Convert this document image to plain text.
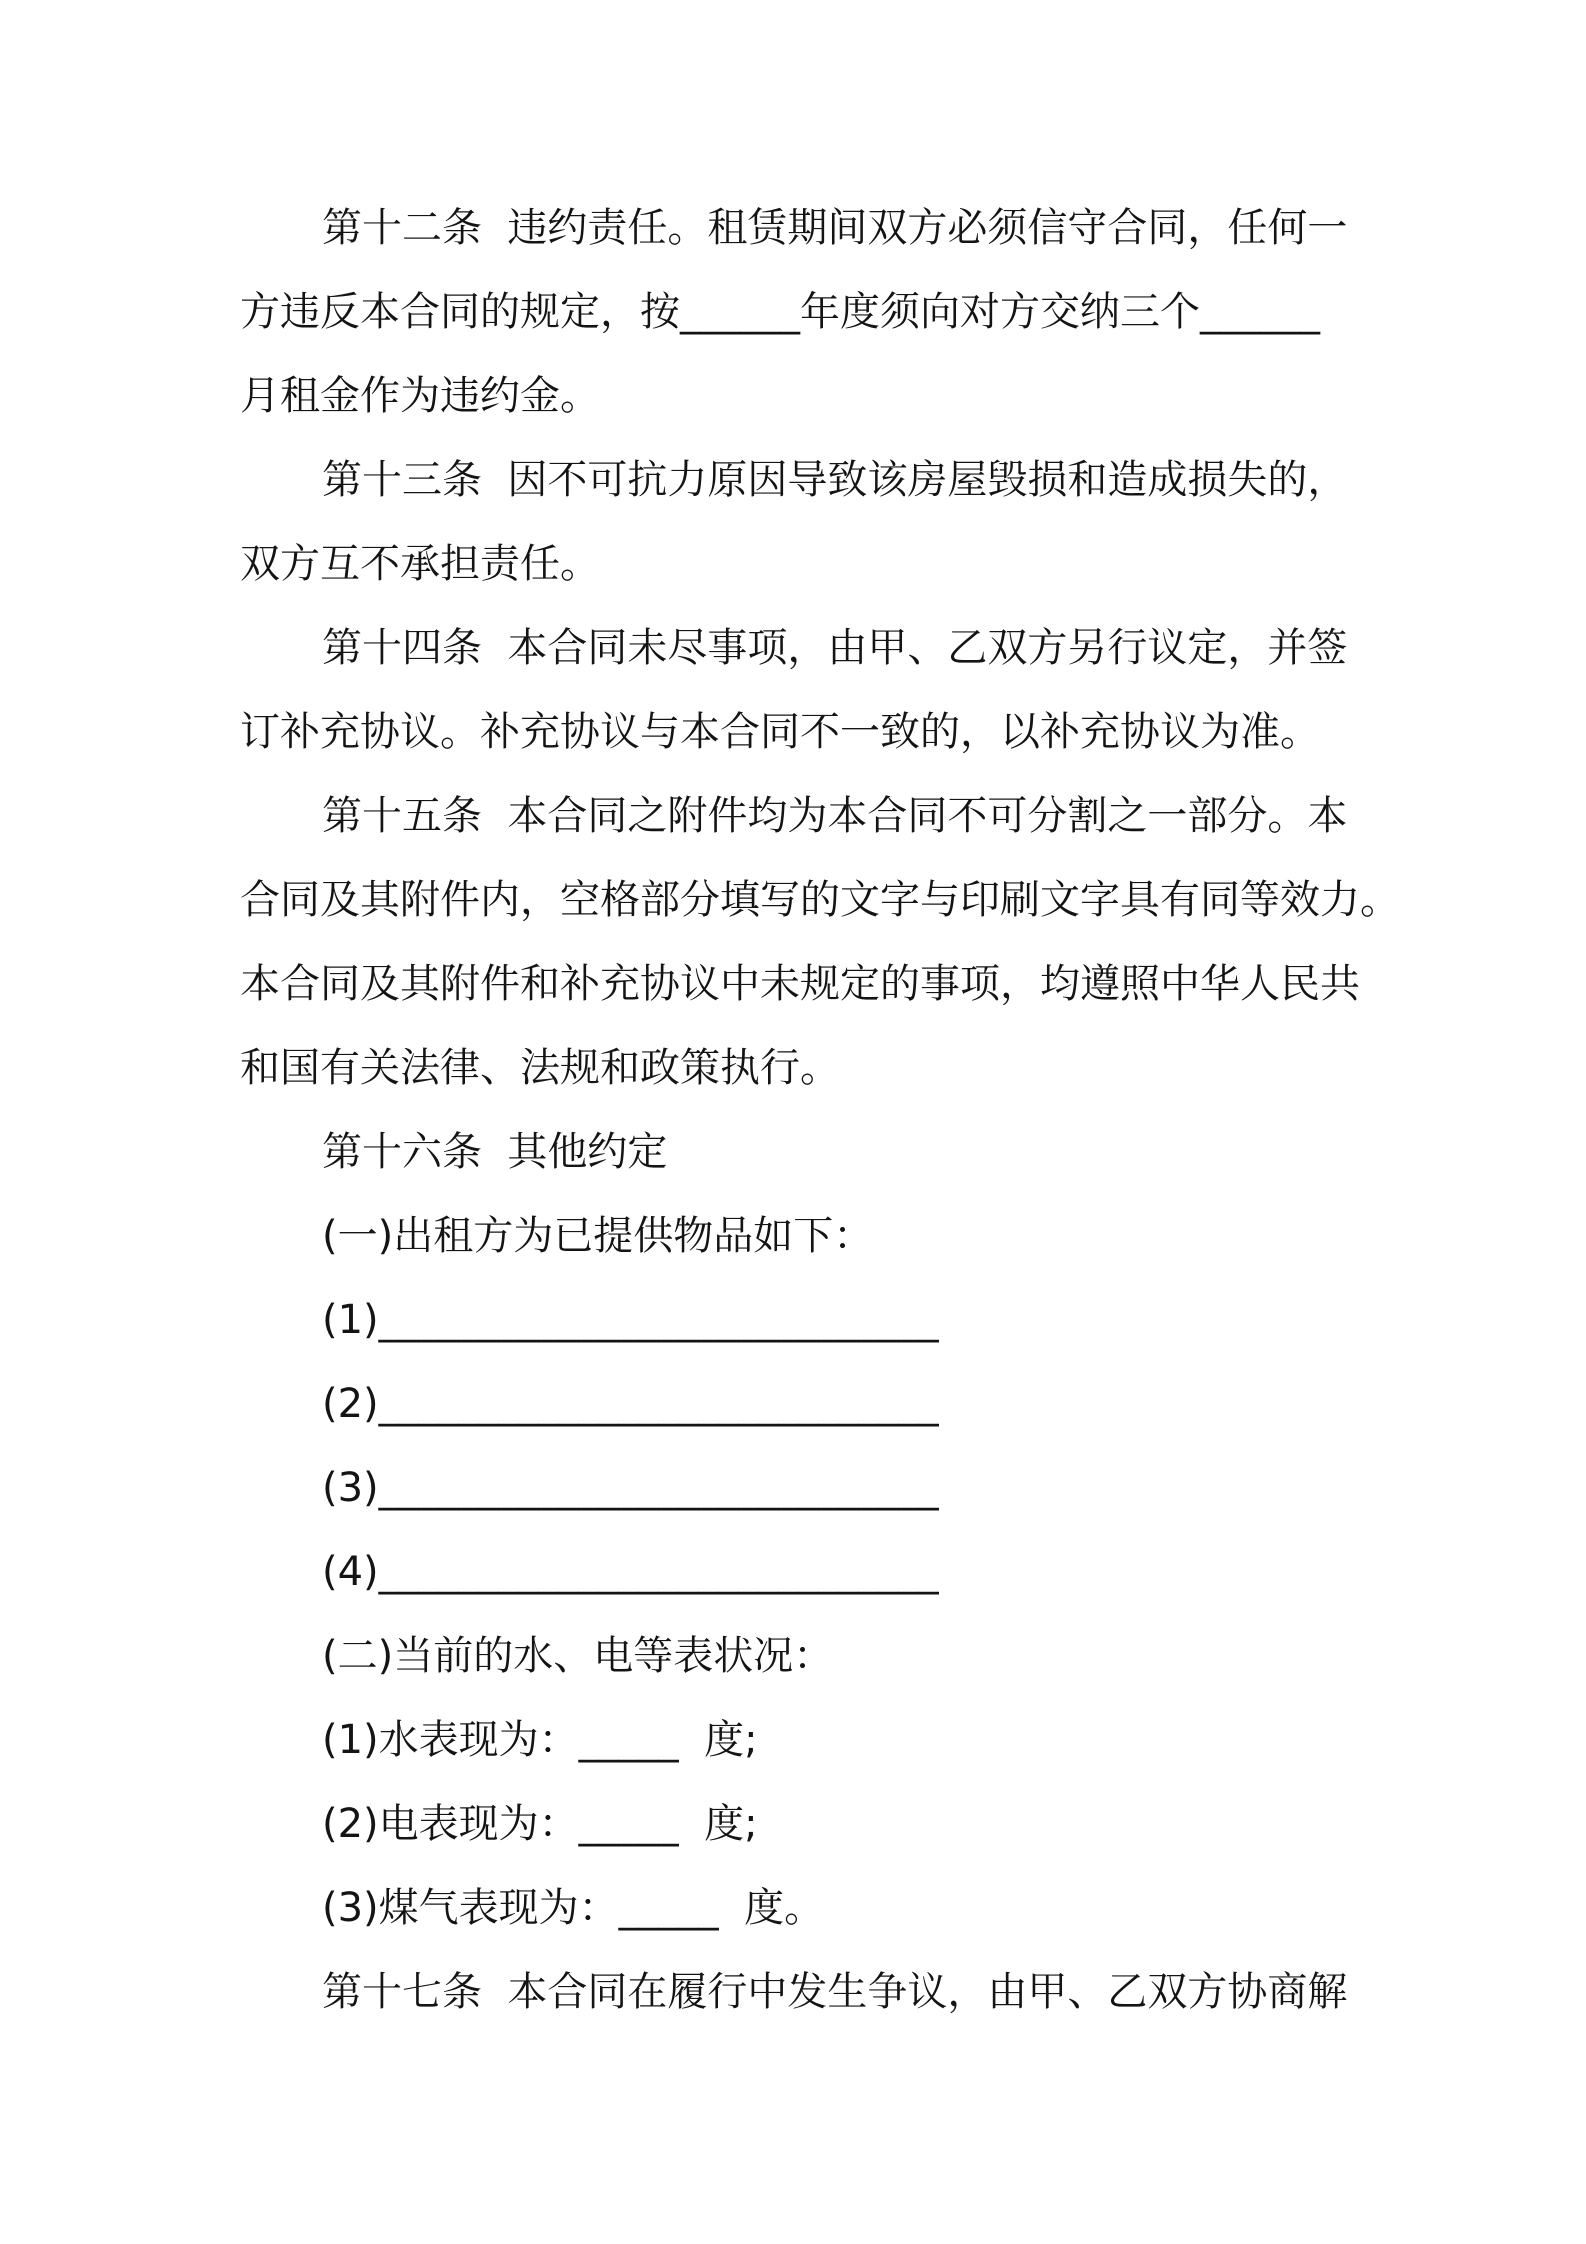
第十二条  违约责任。租赁期间双方必须信守合同，任何一

方违反本合同的规定，按______年度须向对方交纳三个______

月租金作为违约金。

第十三条  因不可抗力原因导致该房屋毁损和造成损失的，

双方互不承担责任。

第十四条  本合同未尽事项，由甲、乙双方另行议定，并签

订补充协议。补充协议与本合同不一致的，以补充协议为准。

第十五条  本合同之附件均为本合同不可分割之一部分。本

合同及其附件内，空格部分填写的文字与印刷文字具有同等效力。

本合同及其附件和补充协议中未规定的事项，均遵照中华人民共

和国有关法律、法规和政策执行。

第十六条  其他约定

(一)出租方为已提供物品如下：

(1)____________________________

(2)____________________________

(3)____________________________

(4)____________________________

(二)当前的水、电等表状况：

(1)水表现为：_____  度;

(2)电表现为：_____  度;

(3)煤气表现为：_____  度。

第十七条  本合同在履行中发生争议，由甲、乙双方协商解
